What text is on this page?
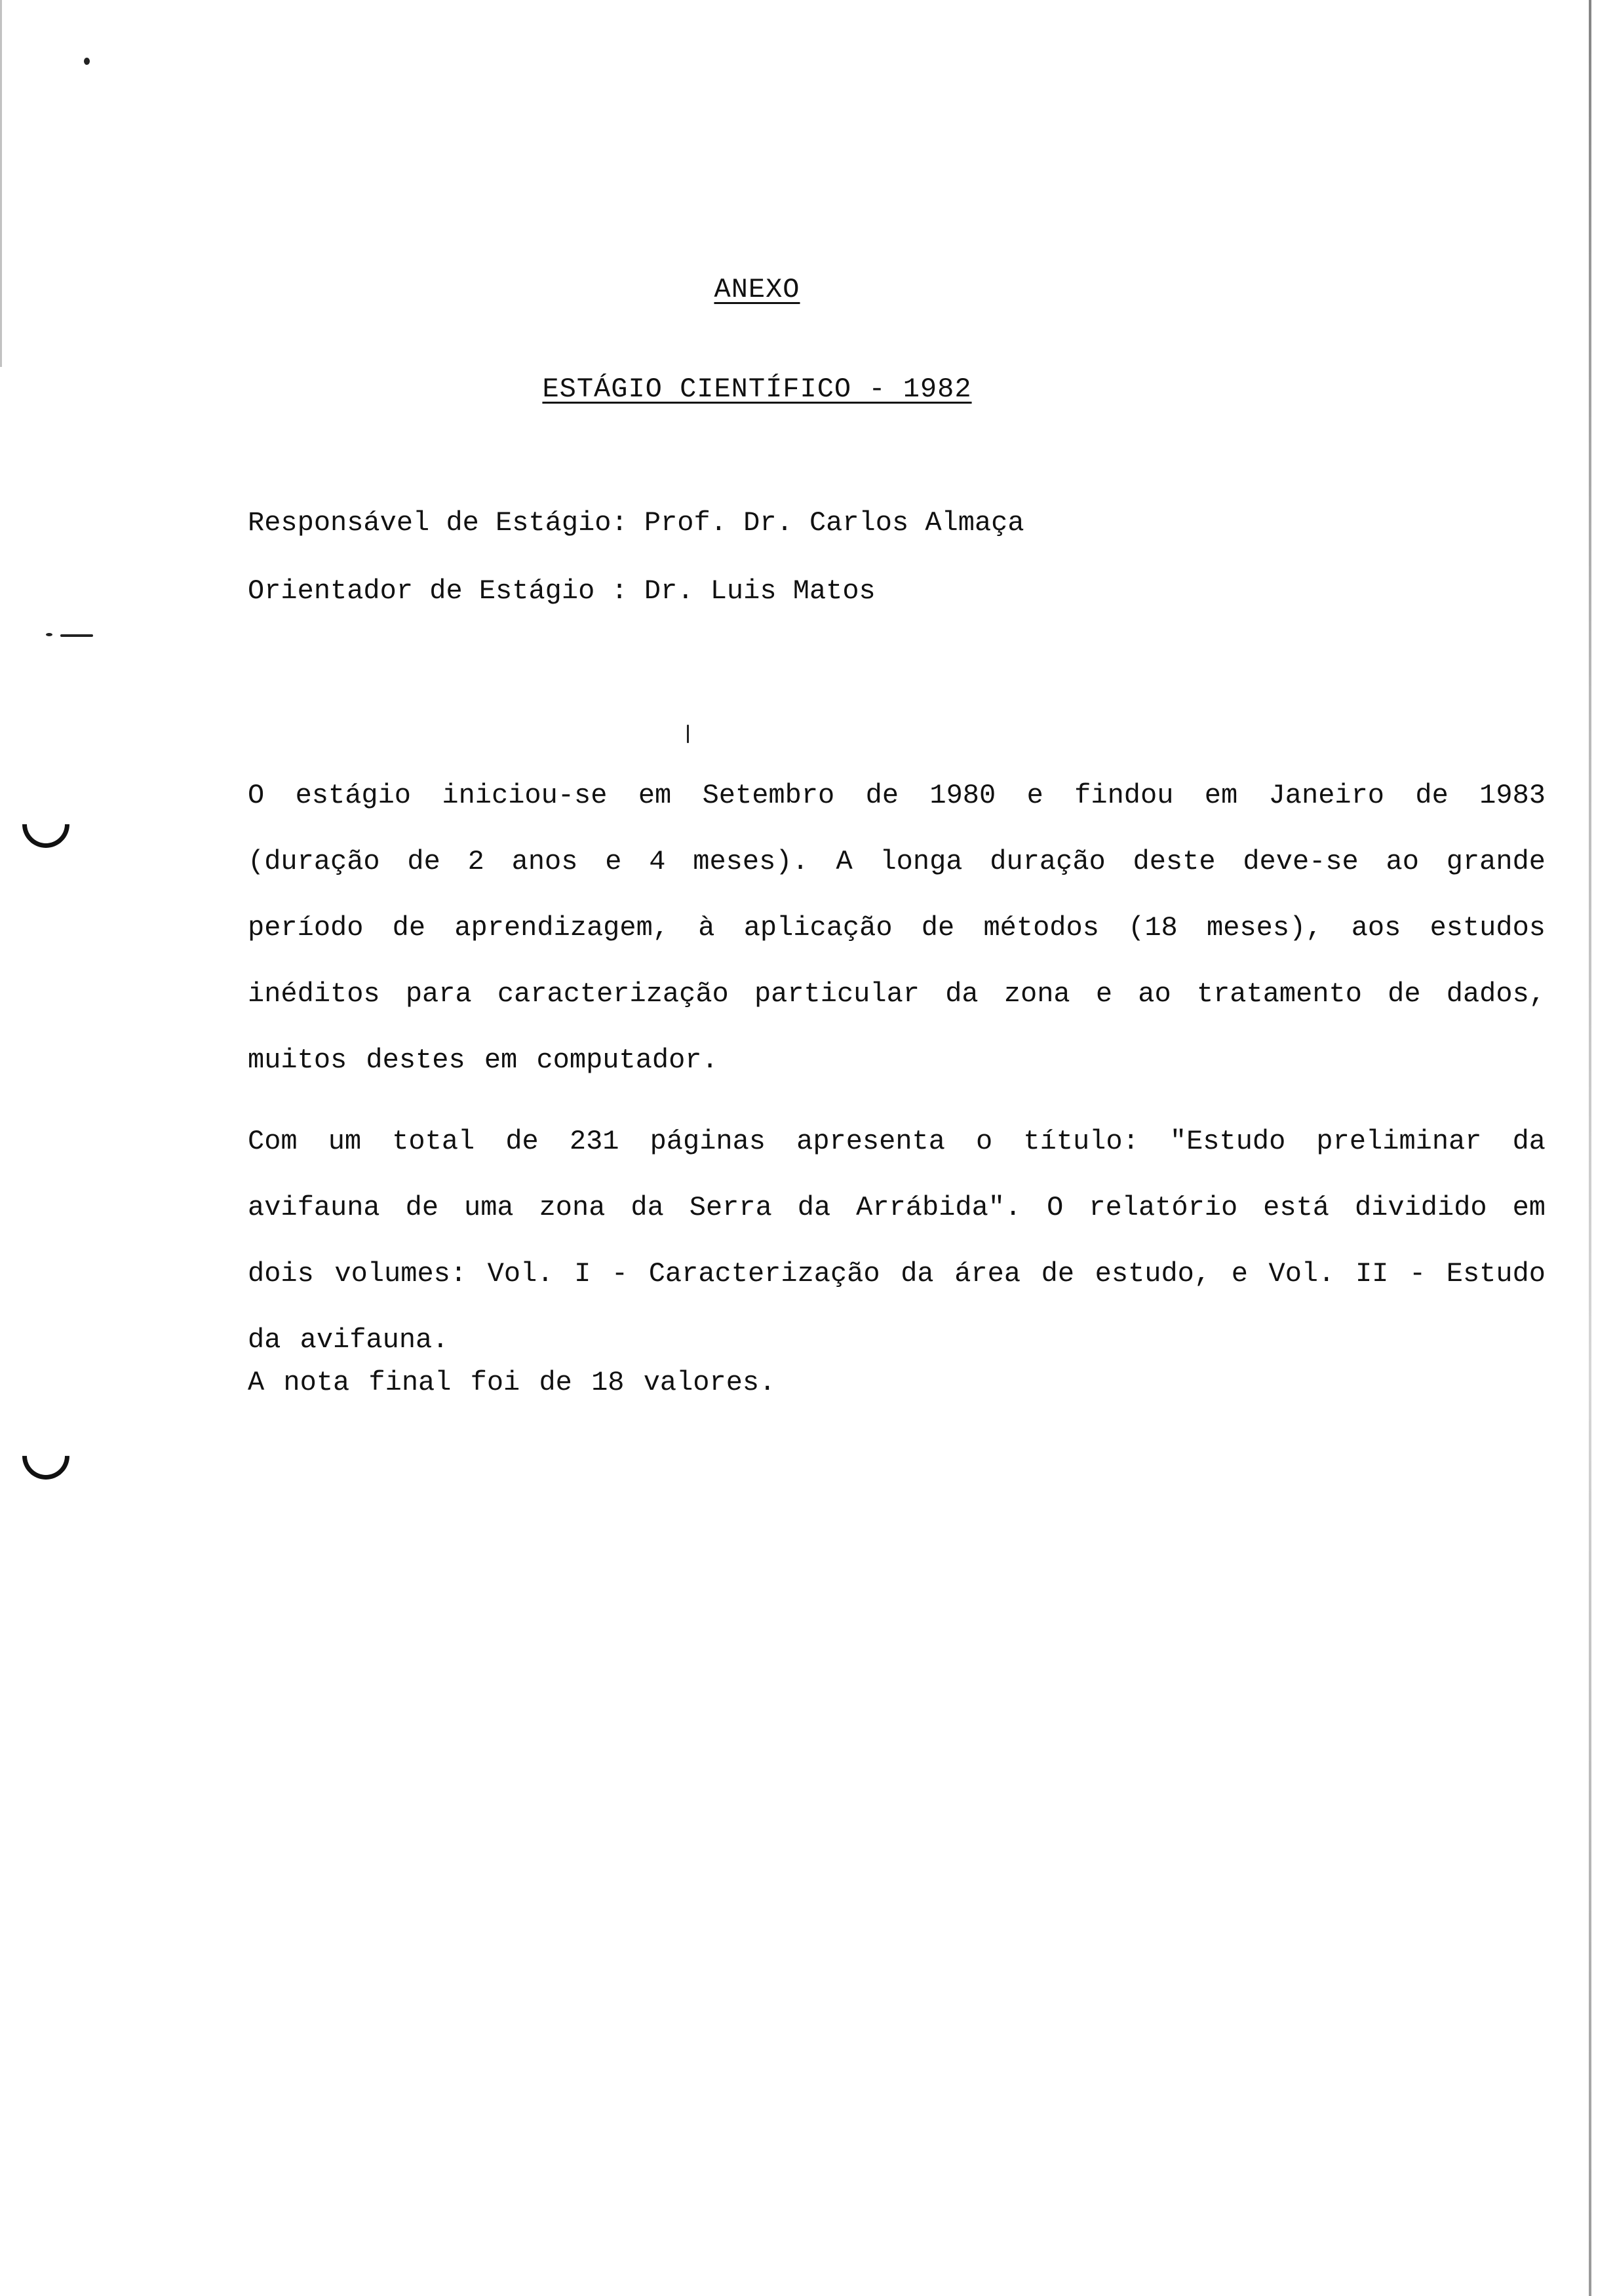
ANEXO
ESTÁGIO CIENTÍFICO - 1982

Responsável de Estágio: Prof. Dr. Carlos Almaça

Orientador de Estágio : Dr. Luis Matos

O estágio iniciou-se em Setembro de 1980 e findou em Janeiro de 1983 (duração de 2 anos e 4 meses). A longa duração deste deve-se ao grande período de aprendizagem, à aplicação de métodos (18 meses), aos estudos inéditos para caracterização particular da zona e ao tratamento de dados, muitos destes em computador.

Com um total de 231 páginas apresenta o título: "Estudo preliminar da avifauna de uma zona da Serra da Arrábida". O relatório está dividido em dois volumes: Vol. I - Caracterização da área de estudo, e Vol. II - Estudo da avifauna.

A nota final foi de 18 valores.
